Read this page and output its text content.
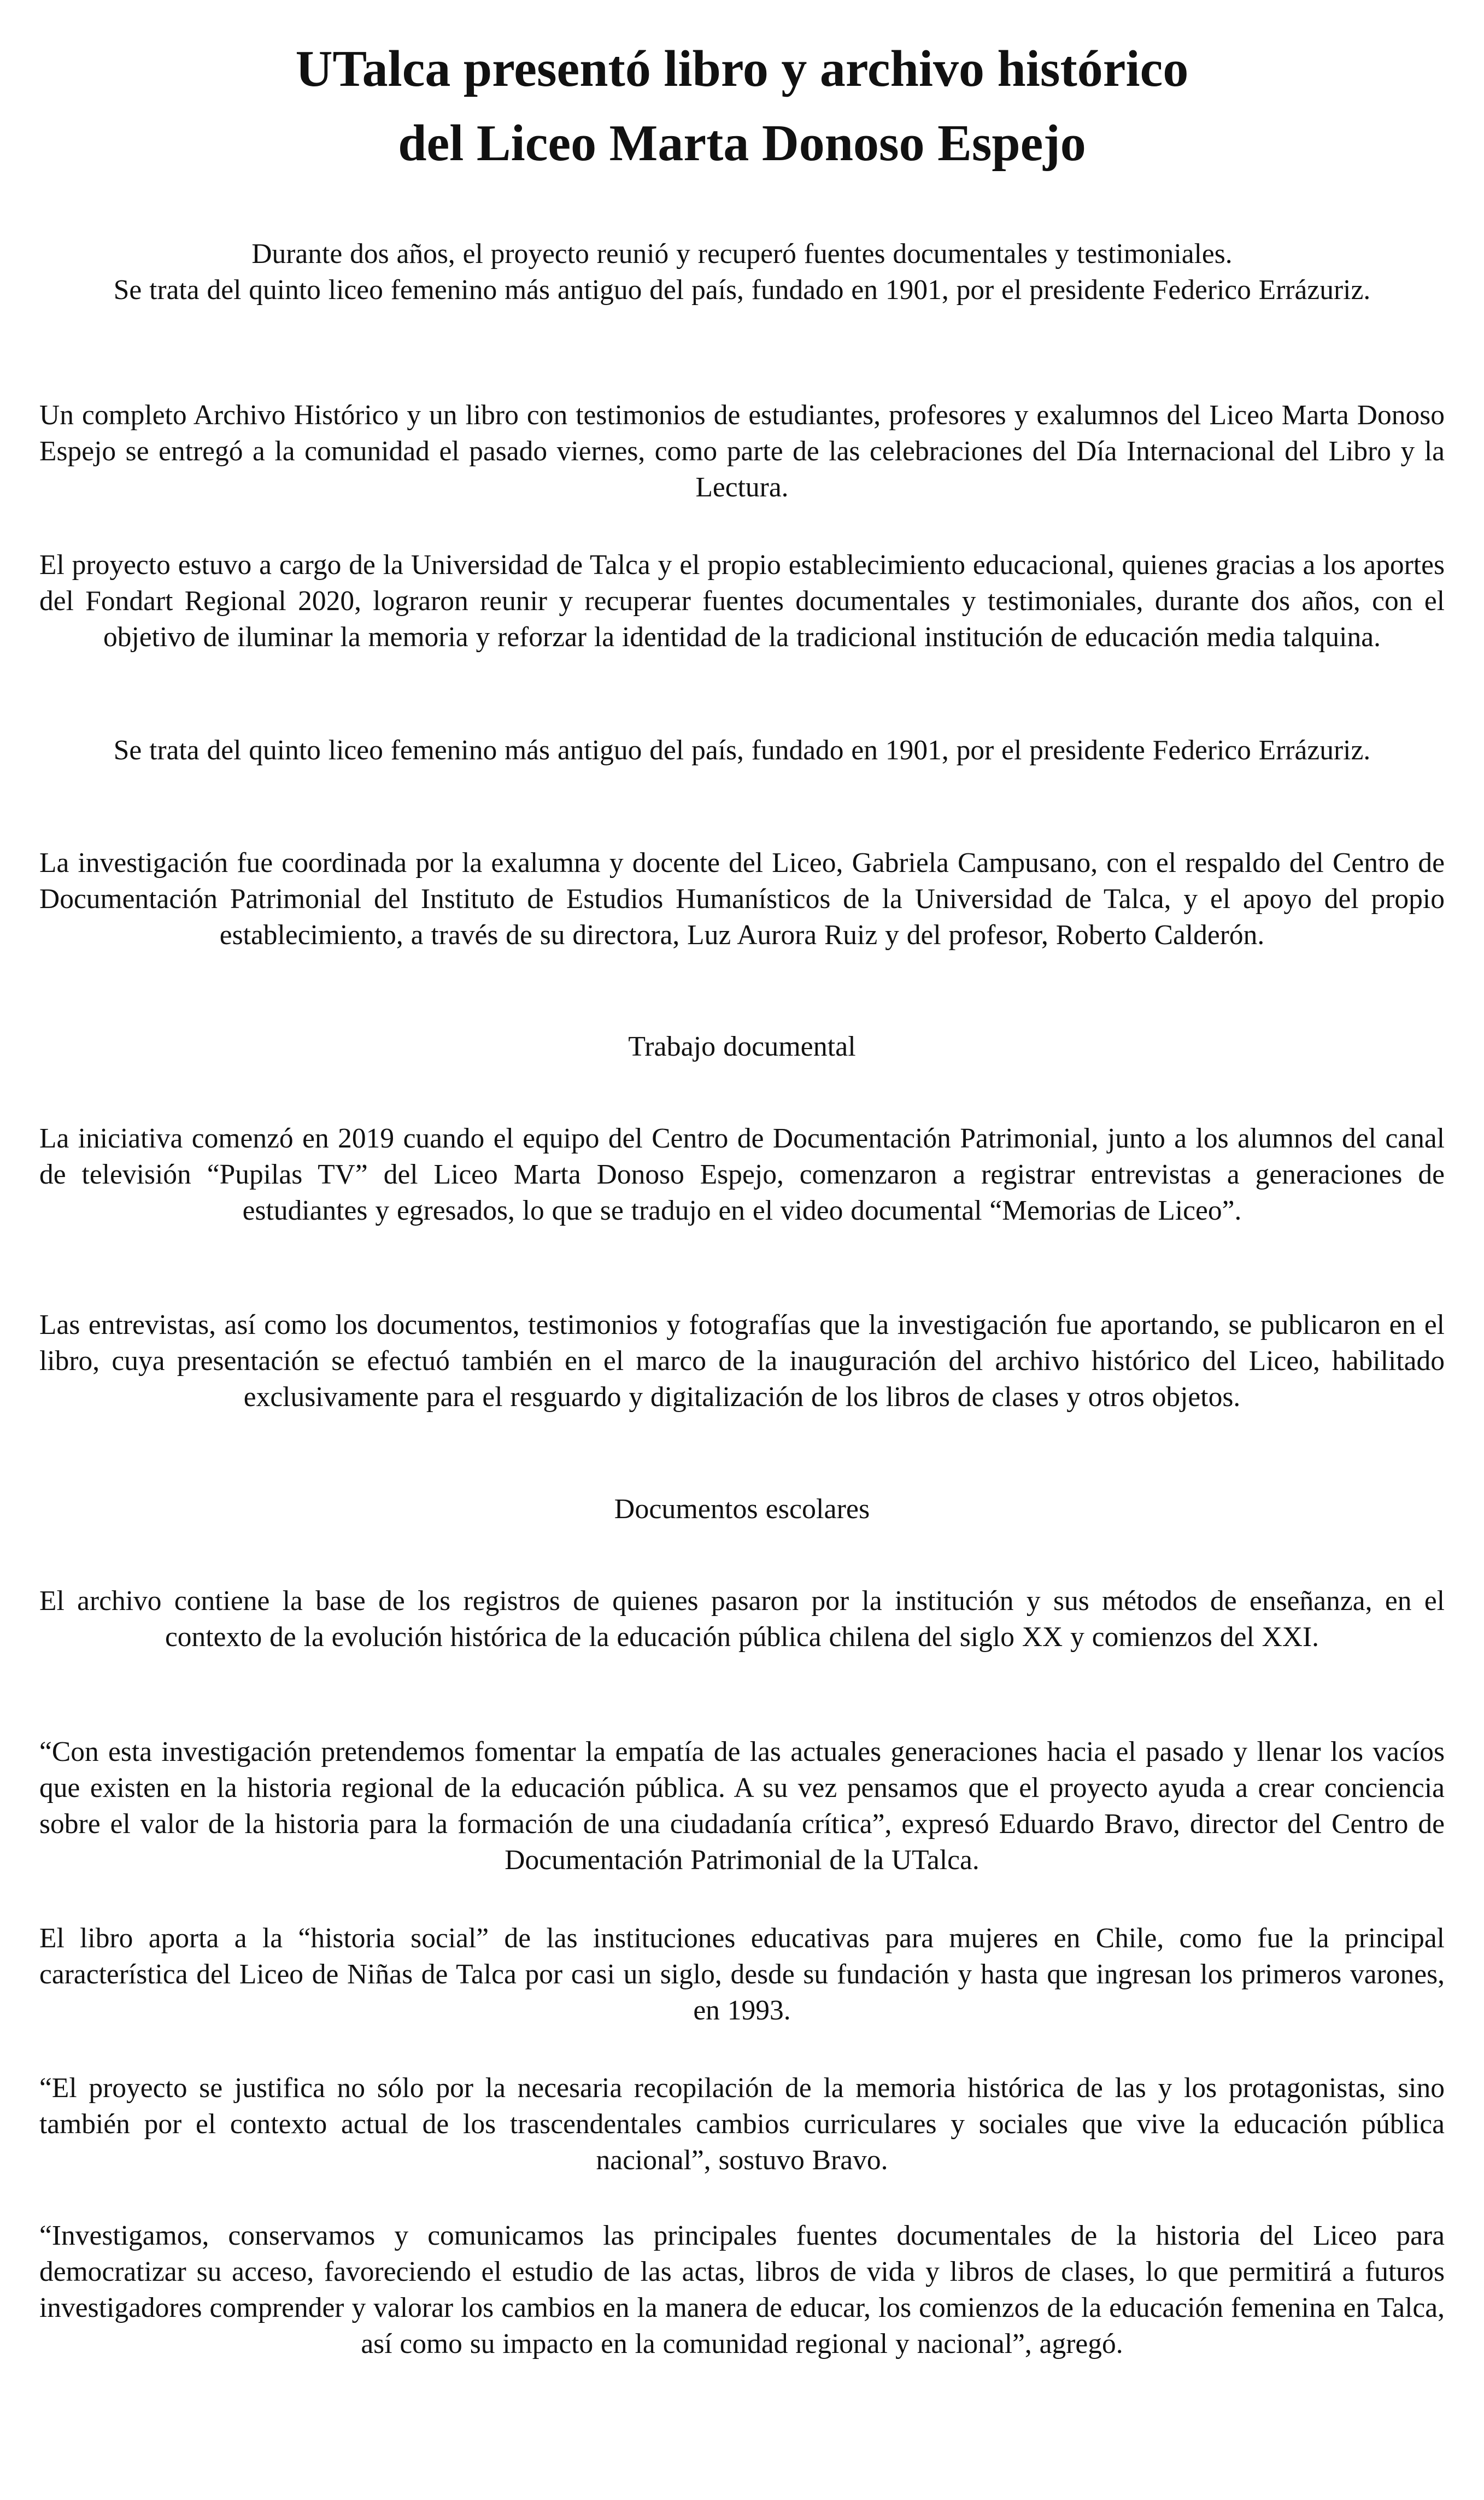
UTalca presentó libro y archivo histórico
del Liceo Marta Donoso Espejo

Durante dos años, el proyecto reunió y recuperó fuentes documentales y testimoniales.

Se trata del quinto liceo femenino más antiguo del país, fundado en 1901, por el presidente Federico Errázuriz.

Un completo Archivo Histórico y un libro con testimonios de estudiantes, profesores y exalumnos del Liceo Marta Donoso Espejo se entregó a la comunidad el pasado viernes, como parte de las celebraciones del Día Internacional del Libro y la Lectura.

El proyecto estuvo a cargo de la Universidad de Talca y el propio establecimiento educacional, quienes gracias a los aportes del Fondart Regional 2020, lograron reunir y recuperar fuentes documentales y testimoniales, durante dos años, con el objetivo de iluminar la memoria y reforzar la identidad de la tradicional institución de educación media talquina.

Se trata del quinto liceo femenino más antiguo del país, fundado en 1901, por el presidente Federico Errázuriz.

La investigación fue coordinada por la exalumna y docente del Liceo, Gabriela Campusano, con el respaldo del Centro de Documentación Patrimonial del Instituto de Estudios Humanísticos de la Universidad de Talca, y el apoyo del propio establecimiento, a través de su directora, Luz Aurora Ruiz y del profesor, Roberto Calderón.

Trabajo documental

La iniciativa comenzó en 2019 cuando el equipo del Centro de Documentación Patrimonial, junto a los alumnos del canal de televisión “Pupilas TV” del Liceo Marta Donoso Espejo, comenzaron a registrar entrevistas a generaciones de estudiantes y egresados, lo que se tradujo en el video documental “Memorias de Liceo”.

Las entrevistas, así como los documentos, testimonios y fotografías que la investigación fue aportando, se publicaron en el libro, cuya presentación se efectuó también en el marco de la inauguración del archivo histórico del Liceo, habilitado exclusivamente para el resguardo y digitalización de los libros de clases y otros objetos.

Documentos escolares

El archivo contiene la base de los registros de quienes pasaron por la institución y sus métodos de enseñanza, en el contexto de la evolución histórica de la educación pública chilena del siglo XX y comienzos del XXI.

“Con esta investigación pretendemos fomentar la empatía de las actuales generaciones hacia el pasado y llenar los vacíos que existen en la historia regional de la educación pública. A su vez pensamos que el proyecto ayuda a crear conciencia sobre el valor de la historia para la formación de una ciudadanía crítica”, expresó Eduardo Bravo, director del Centro de Documentación Patrimonial de la UTalca.

El libro aporta a la “historia social” de las instituciones educativas para mujeres en Chile, como fue la principal característica del Liceo de Niñas de Talca por casi un siglo, desde su fundación y hasta que ingresan los primeros varones, en 1993.

“El proyecto se justifica no sólo por la necesaria recopilación de la memoria histórica de las y los protagonistas, sino también por el contexto actual de los trascendentales cambios curriculares y sociales que vive la educación pública nacional”, sostuvo Bravo.

“Investigamos, conservamos y comunicamos las principales fuentes documentales de la historia del Liceo para democratizar su acceso, favoreciendo el estudio de las actas, libros de vida y libros de clases, lo que permitirá a futuros investigadores comprender y valorar los cambios en la manera de educar, los comienzos de la educación femenina en Talca, así como su impacto en la comunidad regional y nacional”, agregó.
